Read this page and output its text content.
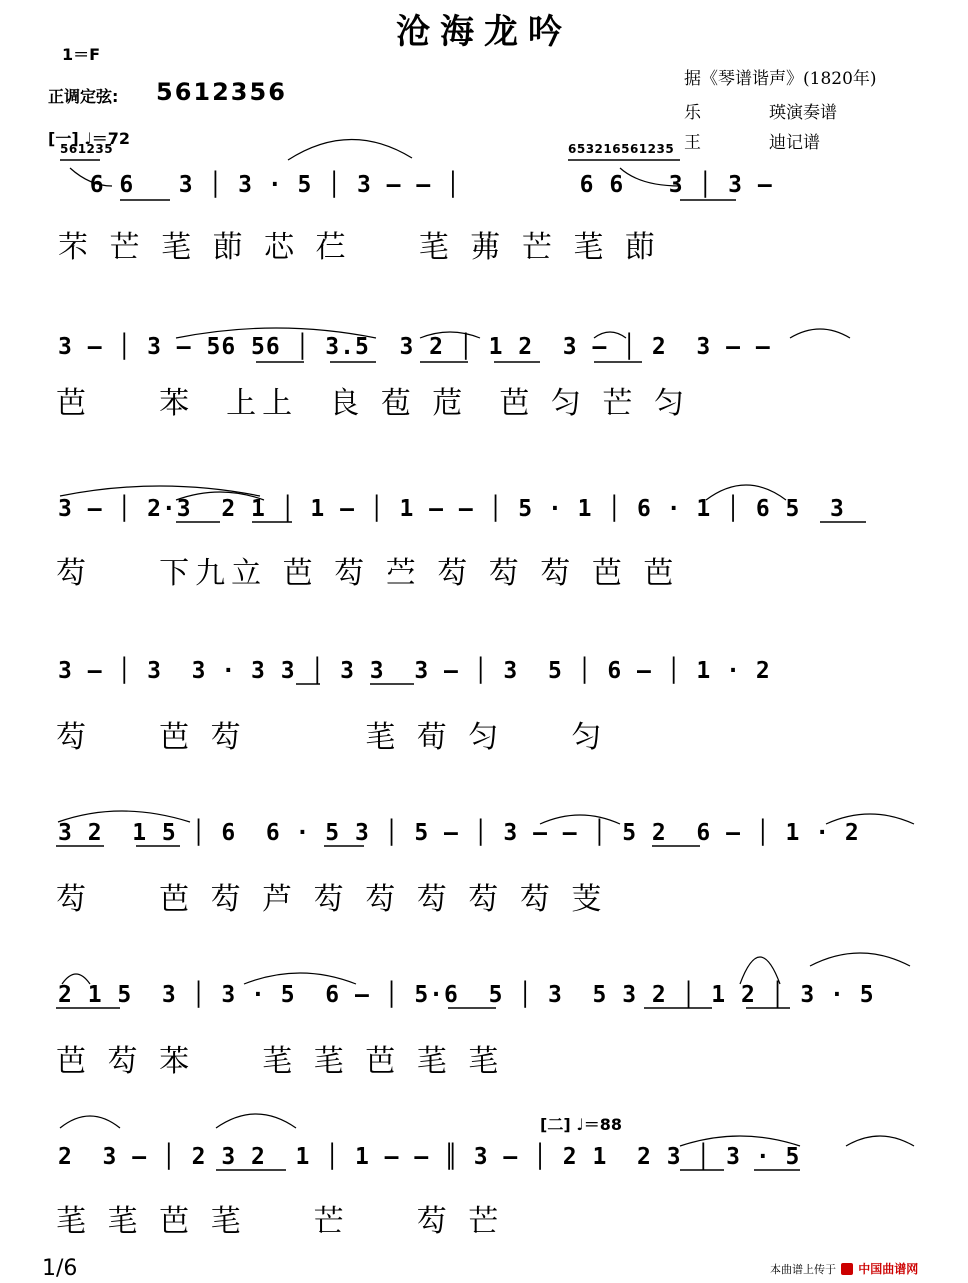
沧海龙吟
1＝F
正调定弦: 5612356	据《琴谱谐声》(1820年)
乐　　　　瑛演奏谱
王　　　　迪记谱
[一] ♩＝72
[二] ♩＝88
561235	653216561235
6 6   3 │ 3 · 5 │ 3 — — │        6 6   3 │ 3 —
芣 芒 芼 莭 芯 芢 　 芼 茀 芒 芼 莭
3 — │ 3 — 56 56 │ 3.5  3 2 │ 1 2  3 — │ 2  3 — —
芭 　 苯  上上  良 苞 苊  芭 匀 芒 匀
3 — │ 2·3  2 1 │ 1 — │ 1 — — │ 5 · 1 │ 6 · 1 │ 6 5  3
芶 　 下九立 芭 芶 苎 芶 芶 芶 芭 芭
3 — │ 3  3 · 3 3 │ 3 3  3 — │ 3  5 │ 6 — │ 1 · 2
芶 　 芭 芶 　 　 芼 荀 匀 　 匀
3 2  1 5 │ 6  6 · 5 3 │ 5 — │ 3 — — │ 5 2  6 — │ 1 · 2
芶 　 芭 芶 芦 芶 芶 芶 芶 芶 芰
2 1 5  3 │ 3 · 5  6 — │ 5·6  5 │ 3  5 3 2 │ 1 2 │ 3 · 5
芭 芶 苯 　 芼 芼 芭 芼 芼
2  3 — │ 2 3 2  1 │ 1 — — ║ 3 — │ 2 1  2 3 │ 3 · 5
芼 芼 芭 芼 　 芒 　 芶 芒
1/6	本曲谱上传于 中国曲谱网
